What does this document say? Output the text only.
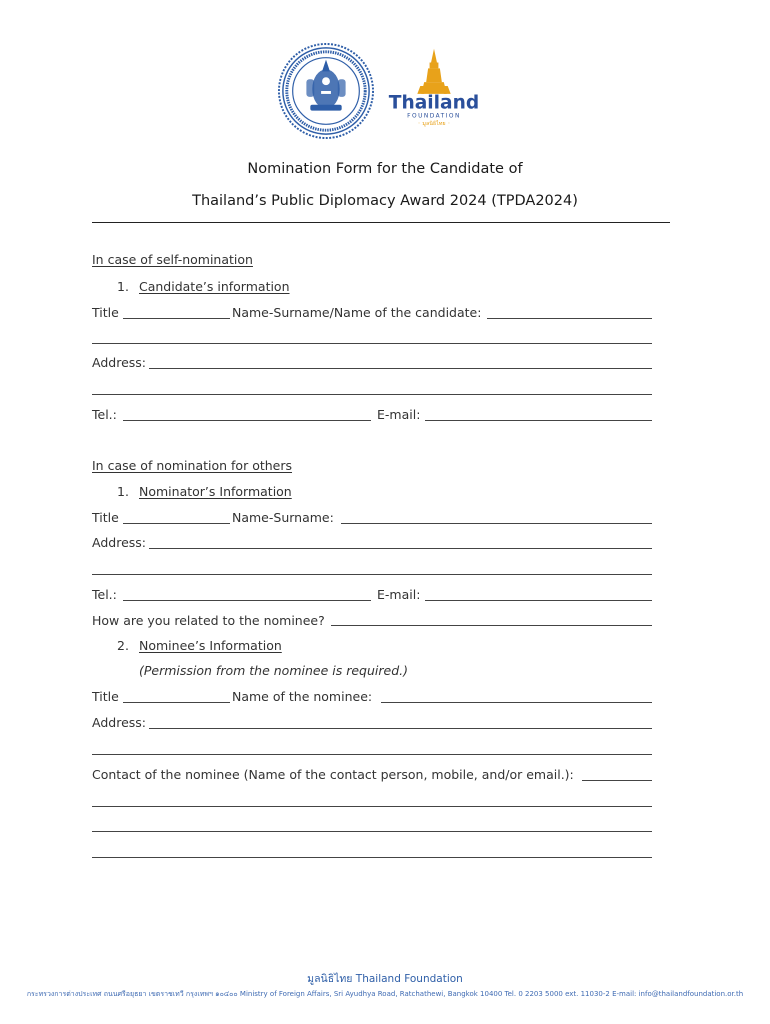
Thailand
FOUNDATION
◦ มูลนิธิไทย ◦
Nomination Form for the Candidate of
Thailand’s Public Diplomacy Award 2024 (TPDA2024)
In case of self-nomination
1. Candidate’s information
Title	Name-Surname/Name of the candidate:
Address:
Tel.:	E-mail:
In case of nomination for others
1. Nominator’s Information
Title	Name-Surname:
Address:
Tel.:	E-mail:
How are you related to the nominee?
2. Nominee’s Information
(Permission from the nominee is required.)
Title	Name of the nominee:
Address:
Contact of the nominee (Name of the contact person, mobile, and/or email.):
มูลนิธิไทย Thailand Foundation
กระทรวงการต่างประเทศ ถนนศรีอยุธยา เขตราชเทวี กรุงเทพฯ ๑๐๔๐๐ Ministry of Foreign Affairs, Sri Ayudhya Road, Ratchathewi, Bangkok 10400 Tel. 0 2203 5000 ext. 11030-2 E-mail: info@thailandfoundation.or.th
